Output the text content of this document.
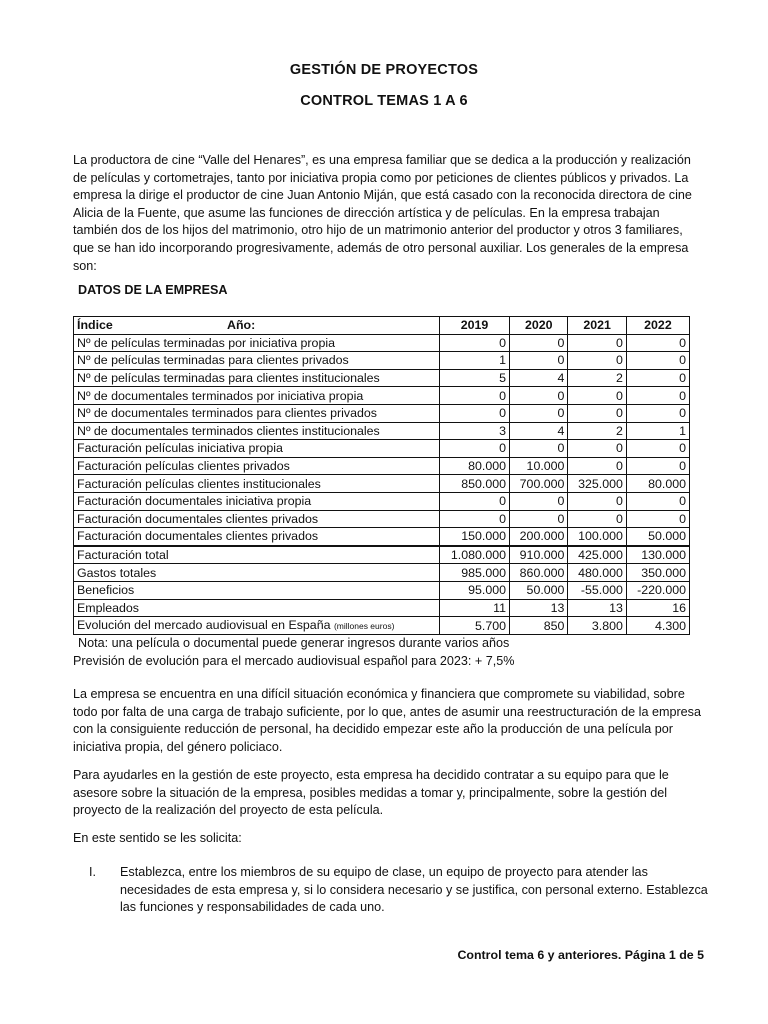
GESTIÓN DE PROYECTOS
CONTROL TEMAS 1 A 6

La productora de cine “Valle del Henares”, es una empresa familiar que se dedica a la producción y realización de películas y cortometrajes, tanto por iniciativa propia como por peticiones de clientes públicos y privados. La empresa la dirige el productor de cine Juan Antonio Miján, que está casado con la reconocida directora de cine Alicia de la Fuente, que asume las funciones de dirección artística y de películas. En la empresa trabajan también dos de los hijos del matrimonio, otro hijo de un matrimonio anterior del productor y otros 3 familiares, que se han ido incorporando progresivamente, además de otro personal auxiliar. Los generales de la empresa son:

DATOS DE LA EMPRESA
Índice Año:	2019	2020	2021	2022
Nº de películas terminadas por iniciativa propia	0	0	0	0
Nº de películas terminadas para clientes privados	1	0	0	0
Nº de películas terminadas para clientes institucionales	5	4	2	0
Nº de documentales terminados por iniciativa propia	0	0	0	0
Nº de documentales terminados para clientes privados	0	0	0	0
Nº de documentales terminados clientes institucionales	3	4	2	1
Facturación películas iniciativa propia	0	0	0	0
Facturación películas clientes privados	80.000	10.000	0	0
Facturación películas clientes institucionales	850.000	700.000	325.000	80.000
Facturación documentales iniciativa propia	0	0	0	0
Facturación documentales clientes privados	0	0	0	0
Facturación documentales clientes privados	150.000	200.000	100.000	50.000
Facturación total	1.080.000	910.000	425.000	130.000
Gastos totales	985.000	860.000	480.000	350.000
Beneficios	95.000	50.000	-55.000	-220.000
Empleados	11	13	13	16
Evolución del mercado audiovisual en España (millones euros)	5.700	850	3.800	4.300
Nota: una película o documental puede generar ingresos durante varios años
Previsión de evolución para el mercado audiovisual español para 2023: + 7,5%

La empresa se encuentra en una difícil situación económica y financiera que compromete su viabilidad, sobre todo por falta de una carga de trabajo suficiente, por lo que, antes de asumir una reestructuración de la empresa con la consiguiente reducción de personal, ha decidido empezar este año la producción de una película por iniciativa propia, del género policiaco.

Para ayudarles en la gestión de este proyecto, esta empresa ha decidido contratar a su equipo para que le asesore sobre la situación de la empresa, posibles medidas a tomar y, principalmente, sobre la gestión del proyecto de la realización del proyecto de esta película.

En este sentido se les solicita:

I. Establezca, entre los miembros de su equipo de clase, un equipo de proyecto para atender las necesidades de esta empresa y, si lo considera necesario y se justifica, con personal externo. Establezca las funciones y responsabilidades de cada uno.
Control tema 6 y anteriores. Página 1 de 5
